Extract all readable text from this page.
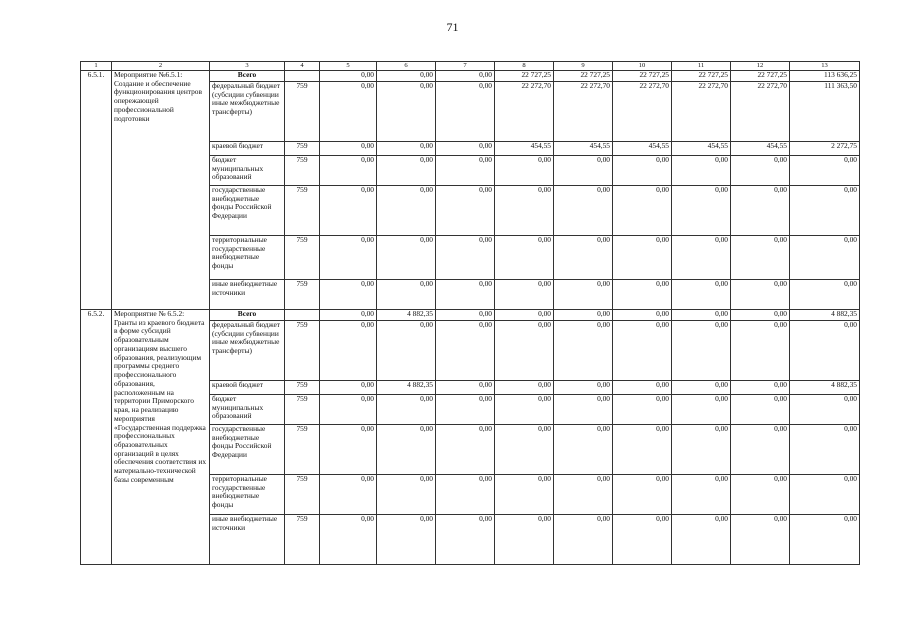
71
1	2	3	4	5	6	7	8	9	10	11	12	13
6.5.1.	Мероприятие №6.5.1: Создание и обеспечение функционирования центров опережающей профессиональной подготовки	Всего		0,00	0,00	0,00	22 727,25	22 727,25	22 727,25	22 727,25	22 727,25	113 636,25
		федеральный бюджет (субсидии субвенции иные межбюджетные трансферты)	759	0,00	0,00	0,00	22 272,70	22 272,70	22 272,70	22 272,70	22 272,70	111 363,50
		краевой бюджет	759	0,00	0,00	0,00	454,55	454,55	454,55	454,55	454,55	2 272,75
		бюджет муниципальных образований	759	0,00	0,00	0,00	0,00	0,00	0,00	0,00	0,00	0,00
		государственные внебюджетные фонды Российской Федерации	759	0,00	0,00	0,00	0,00	0,00	0,00	0,00	0,00	0,00
		территориальные государственные внебюджетные фонды	759	0,00	0,00	0,00	0,00	0,00	0,00	0,00	0,00	0,00
		иные внебюджетные источники	759	0,00	0,00	0,00	0,00	0,00	0,00	0,00	0,00	0,00
6.5.2.	Мероприятие № 6.5.2: Гранты из краевого бюджета в форме субсидий образовательным организациям высшего образования, реализующим программы среднего профессионального образования, расположенным на территории Приморского края, на реализацию мероприятия «Государственная поддержка профессиональных образовательных организаций в целях обеспечения соответствия их материально-технической базы современным	Всего		0,00	4 882,35	0,00	0,00	0,00	0,00	0,00	0,00	4 882,35
		федеральный бюджет (субсидии субвенции иные межбюджетные трансферты)	759	0,00	0,00	0,00	0,00	0,00	0,00	0,00	0,00	0,00
		краевой бюджет	759	0,00	4 882,35	0,00	0,00	0,00	0,00	0,00	0,00	4 882,35
		бюджет муниципальных образований	759	0,00	0,00	0,00	0,00	0,00	0,00	0,00	0,00	0,00
		государственные внебюджетные фонды Российской Федерации	759	0,00	0,00	0,00	0,00	0,00	0,00	0,00	0,00	0,00
		территориальные государственные внебюджетные фонды	759	0,00	0,00	0,00	0,00	0,00	0,00	0,00	0,00	0,00
		иные внебюджетные источники	759	0,00	0,00	0,00	0,00	0,00	0,00	0,00	0,00	0,00
